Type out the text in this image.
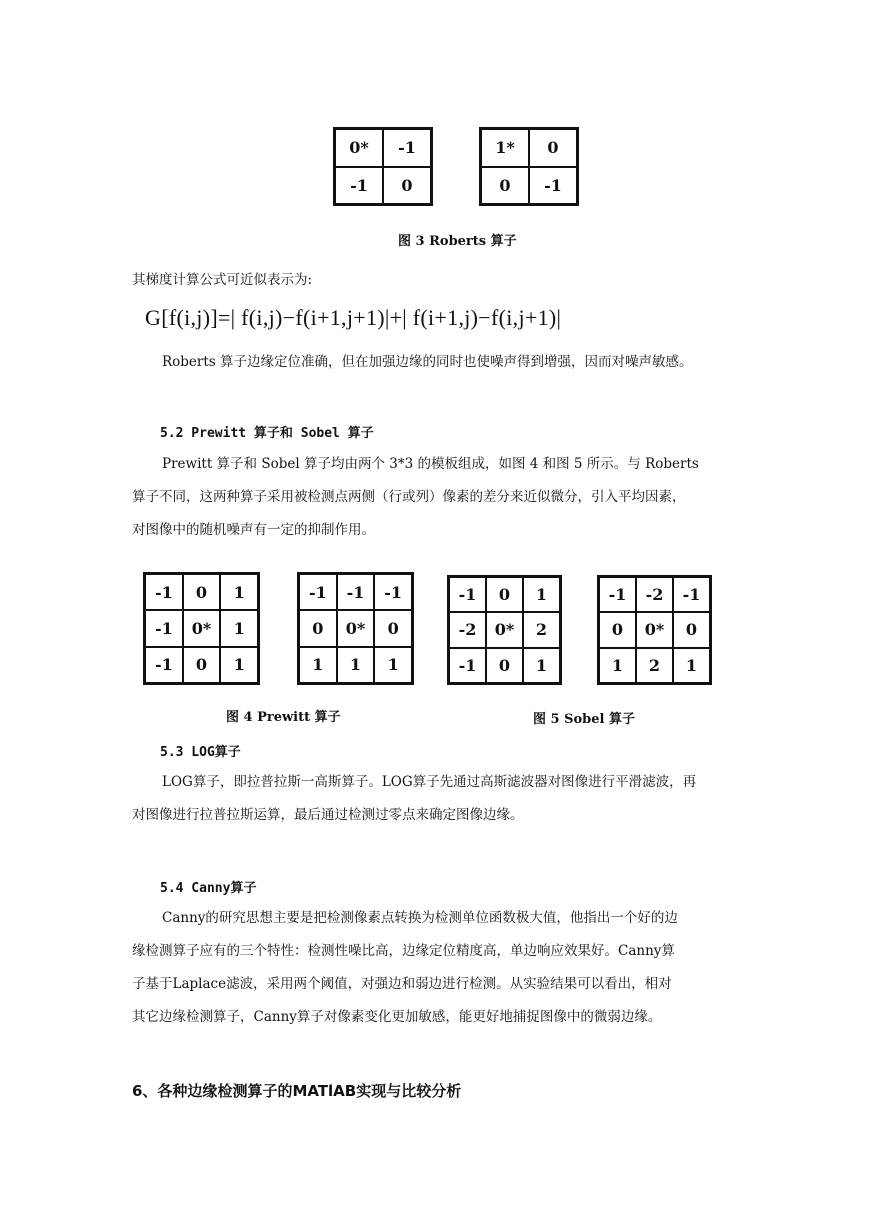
0*	-1
-1	0
1*	0
0	-1
图 3 Roberts 算子
其梯度计算公式可近似表示为:
G[f(i,j)]=| f(i,j)−f(i+1,j+1)|+| f(i+1,j)−f(i,j+1)|
Roberts 算子边缘定位准确，但在加强边缘的同时也使噪声得到增强，因而对噪声敏感。
5.2 Prewitt 算子和 Sobel 算子
Prewitt 算子和 Sobel 算子均由两个 3*3 的模板组成，如图 4 和图 5 所示。与 Roberts
算子不同，这两种算子采用被检测点两侧（行或列）像素的差分来近似微分，引入平均因素，
对图像中的随机噪声有一定的抑制作用。
-1	0	1
-1	0*	1
-1	0	1
-1	-1	-1
0	0*	0
1	1	1
-1	0	1
-2	0*	2
-1	0	1
-1	-2	-1
0	0*	0
1	2	1
图 4 Prewitt 算子	图 5 Sobel 算子
5.3 LOG算子
LOG算子，即拉普拉斯一高斯算子。LOG算子先通过高斯滤波器对图像进行平滑滤波，再
对图像进行拉普拉斯运算，最后通过检测过零点来确定图像边缘。
5.4 Canny算子
Canny的研究思想主要是把检测像素点转换为检测单位函数极大值，他指出一个好的边
缘检测算子应有的三个特性：检测性噪比高，边缘定位精度高，单边响应效果好。Canny算
子基于Laplace滤波，采用两个阈值，对强边和弱边进行检测。从实验结果可以看出，相对
其它边缘检测算子，Canny算子对像素变化更加敏感，能更好地捕捉图像中的微弱边缘。
6、各种边缘检测算子的MATlAB实现与比较分析
